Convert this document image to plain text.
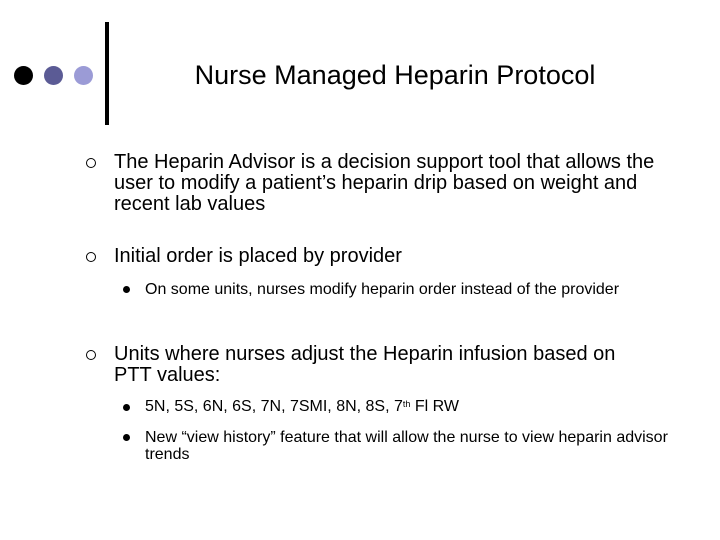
Nurse Managed Heparin Protocol
The Heparin Advisor is a decision support tool that allows the user to modify a patient’s heparin drip based on weight and recent lab values
Initial order is placed by provider
On some units, nurses modify heparin order instead of the provider
Units where nurses adjust the Heparin infusion based on PTT values:
5N, 5S, 6N, 6S, 7N, 7SMI, 8N, 8S, 7th Fl RW
New “view history” feature that will allow the nurse to view heparin advisor trends
